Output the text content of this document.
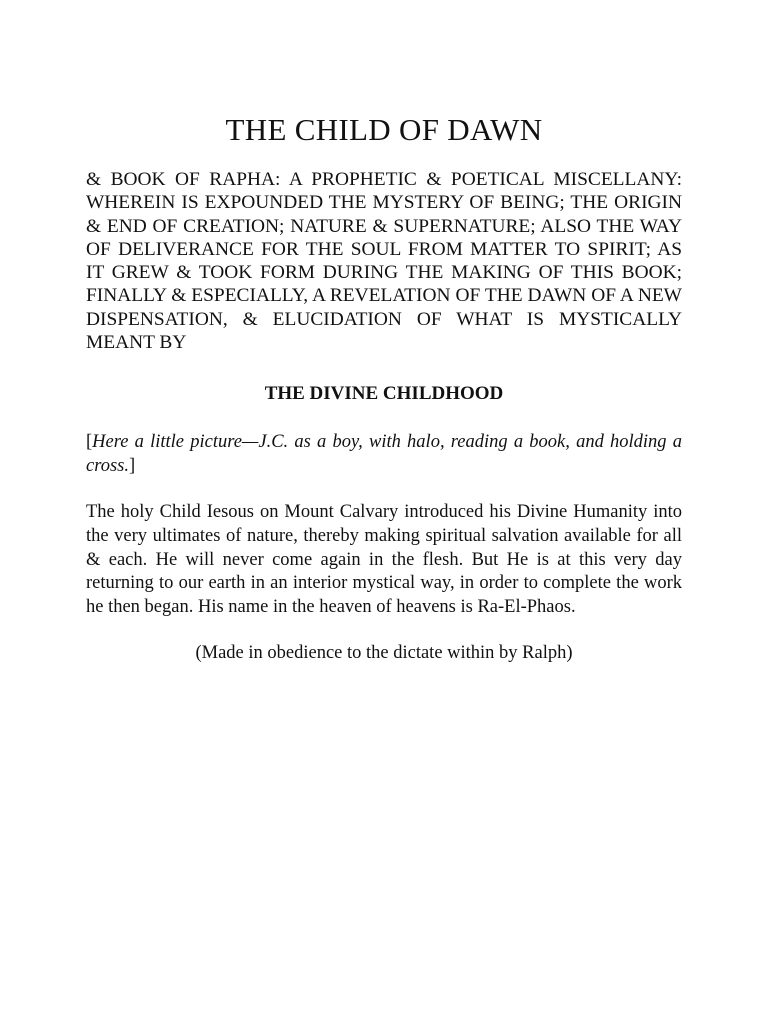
THE CHILD OF DAWN

& BOOK OF RAPHA: A PROPHETIC & POETICAL MISCELLANY: WHEREIN IS EXPOUNDED THE MYSTERY OF BEING; THE ORIGIN & END OF CREATION; NATURE & SUPERNATURE; ALSO THE WAY OF DELIVERANCE FOR THE SOUL FROM MATTER TO SPIRIT; AS IT GREW & TOOK FORM DURING THE MAKING OF THIS BOOK; FINALLY & ESPECIALLY, A REVELATION OF THE DAWN OF A NEW DISPENSATION, & ELUCIDATION OF WHAT IS MYSTICALLY MEANT BY

THE DIVINE CHILDHOOD

[Here a little picture—J.C. as a boy, with halo, reading a book, and holding a cross.]

The holy Child Iesous on Mount Calvary introduced his Divine Humanity into the very ultimates of nature, thereby making spiritual salvation available for all & each. He will never come again in the flesh. But He is at this very day returning to our earth in an interior mystical way, in order to complete the work he then began. His name in the heaven of heavens is Ra-El-Phaos.

(Made in obedience to the dictate within by Ralph)
